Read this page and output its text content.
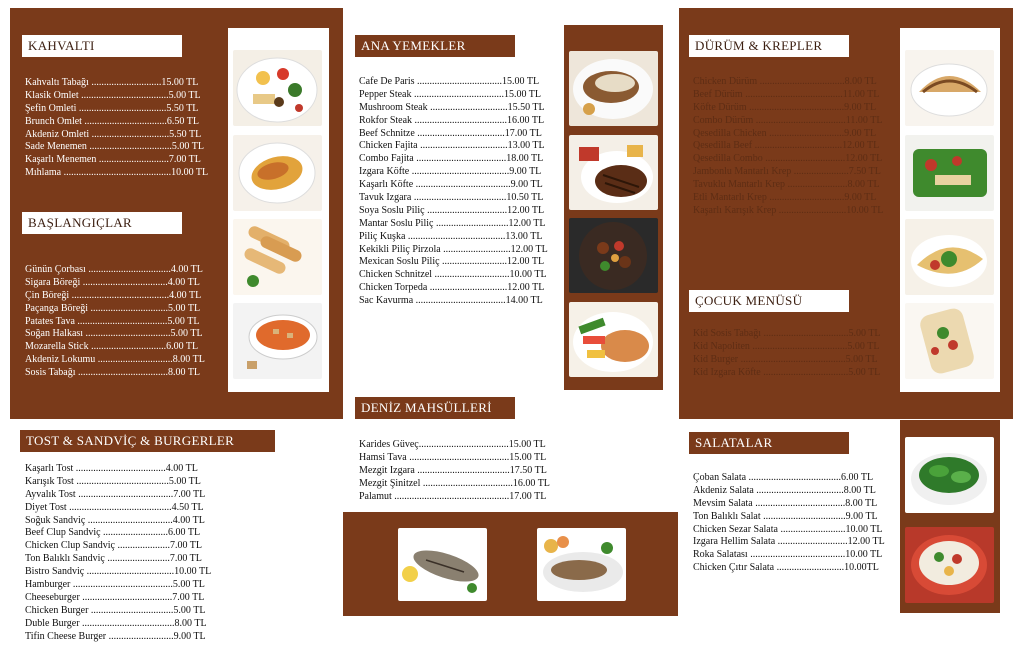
KAHVALTI
Kahvaltı Tabağı ............................15.00 TL
Klasik Omlet ...................................5.00 TL
Şefin Omleti ...................................5.50 TL
Brunch Omlet .................................6.50 TL
Akdeniz Omleti ...............................5.50 TL
Sade Menemen .................................5.00 TL
Kaşarlı Menemen ............................7.00 TL
Mıhlama ...........................................10.00 TL
BAŞLANGIÇLAR
Günün Çorbası .................................4.00 TL
Sigara Böreği ..................................4.00 TL
Çin Böreği .......................................4.00 TL
Paçanga Böreği ...............................5.00 TL
Patates Tava ....................................5.00 TL
Soğan Halkası ..................................5.00 TL
Mozarella Stick ..............................6.00 TL
Akdeniz Lokumu ..............................8.00 TL
Sosis Tabağı ....................................8.00 TL
TOST & SANDVİÇ & BURGERLER
Kaşarlı Tost ....................................4.00 TL
Karışık Tost .....................................5.00 TL
Ayvalık Tost ......................................7.00 TL
Diyet Tost .........................................4.50 TL
Soğuk Sandviç ..................................4.00 TL
Beef Clup Sandviç ..........................6.00 TL
Chicken Clup Sandviç .....................7.00 TL
Ton Balıklı Sandviç .........................7.00 TL
Bistro Sandviç ...................................10.00 TL
Hamburger ........................................5.00 TL
Cheeseburger ....................................7.00 TL
Chicken Burger .................................5.00 TL
Duble Burger .....................................8.00 TL
Tifin Cheese Burger ..........................9.00 TL
ANA YEMEKLER
Cafe De Paris ..................................15.00 TL
Pepper Steak ....................................15.00 TL
Mushroom Steak ...............................15.50 TL
Rokfor Steak .....................................16.00 TL
Beef Schnitze ...................................17.00 TL
Chicken Fajita ...................................13.00 TL
Combo Fajita ....................................18.00 TL
Izgara Köfte .......................................9.00 TL
Kaşarlı Köfte ......................................9.00 TL
Tavuk Izgara .....................................10.50 TL
Soya Soslu Piliç ................................12.00 TL
Mantar Soslu Piliç .............................12.00 TL
Piliç Kuşka .......................................13.00 TL
Kekikli Piliç Pirzola ...........................12.00 TL
Mexican Soslu Piliç ..........................12.00 TL
Chicken Schnitzel ..............................10.00 TL
Chicken Torpeda ...............................12.00 TL
Sac Kavurma ....................................14.00 TL
DENİZ MAHSÜLLERİ
Karides Güveç....................................15.00 TL
Hamsi Tava ........................................15.00 TL
Mezgit Izgara .....................................17.50 TL
Mezgit Şinitzel ....................................16.00 TL
Palamut ..............................................17.00 TL
DÜRÜM & KREPLER
Chicken Dürüm ..................................8.00 TL
Beef Dürüm .......................................11.00 TL
Köfte Dürüm ......................................9.00 TL
Combo Dürüm ....................................11.00 TL
Qesedilla Chicken ..............................9.00 TL
Qesedilla Beef ...................................12.00 TL
Qesedilla Combo ................................12.00 TL
Jambonlu Mantarlı Krep ......................7.50 TL
Tavuklu Mantarlı Krep ........................8.00 TL
Etli Mantarlı Krep ..............................9.00 TL
Kaşarlı Karışık Krep ...........................10.00 TL
ÇOCUK MENÜSÜ
Kid Sosis Tabağı ..................................5.00 TL
Kid Napoliten ......................................5.00 TL
Kid Burger ..........................................5.00 TL
Kid Izgara Köfte ..................................5.00 TL
SALATALAR
Çoban Salata .....................................6.00 TL
Akdeniz Salata ...................................8.00 TL
Mevsim Salata ....................................8.00 TL
Ton Balıklı Salat .................................9.00 TL
Chicken Sezar Salata ..........................10.00 TL
Izgara Hellim Salata ............................12.00 TL
Roka Salatası ......................................10.00 TL
Chicken Çıtır Salata ...........................10.00TL
